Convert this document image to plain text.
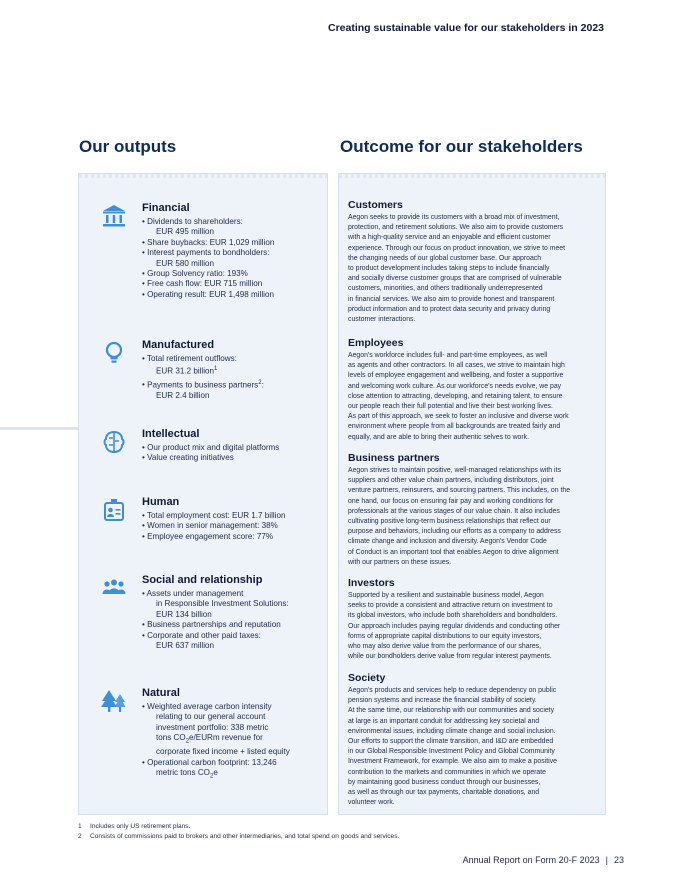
Creating sustainable value for our stakeholders in 2023
Our outputs	Outcome for our stakeholders
Financial
• Dividends to shareholders:
EUR 495 million
• Share buybacks: EUR 1,029 million
• Interest payments to bondholders:
EUR 580 million
• Group Solvency ratio: 193%
• Free cash flow: EUR 715 million
• Operating result: EUR 1,498 million
Manufactured
• Total retirement outflows:
EUR 31.2 billion$^1$
• Payments to business partners$^2$:
EUR 2.4 billion
Intellectual
• Our product mix and digital platforms
• Value creating initiatives
Human
• Total employment cost: EUR 1.7 billion
• Women in senior management: 38%
• Employee engagement score: 77%
Social and relationship
• Assets under management
in Responsible Investment Solutions:
EUR 134 billion
• Business partnerships and reputation
• Corporate and other paid taxes:
EUR 637 million
Natural
• Weighted average carbon intensity
relating to our general account
investment portfolio: 338 metric
tons $CO_2e$/EURm revenue for
corporate fixed income + listed equity
• Operational carbon footprint: 13,246
metric tons $CO_2e$
Customers

Aegon seeks to provide its customers with a broad mix of investment,
protection, and retirement solutions. We also aim to provide customers
with a high-quality service and an enjoyable and efficient customer
experience. Through our focus on product innovation, we strive to meet
the changing needs of our global customer base. Our approach
to product development includes taking steps to include financially
and socially diverse customer groups that are comprised of vulnerable
customers, minorities, and others traditionally underrepresented
in financial services. We also aim to provide honest and transparent
product information and to protect data security and privacy during
customer interactions.

Employees

Aegon's workforce includes full- and part-time employees, as well
as agents and other contractors. In all cases, we strive to maintain high
levels of employee engagement and wellbeing, and foster a supportive
and welcoming work culture. As our workforce's needs evolve, we pay
close attention to attracting, developing, and retaining talent, to ensure
our people reach their full potential and live their best working lives.
As part of this approach, we seek to foster an inclusive and diverse work
environment where people from all backgrounds are treated fairly and
equally, and are able to bring their authentic selves to work.

Business partners

Aegon strives to maintain positive, well-managed relationships with its
suppliers and other value chain partners, including distributors, joint
venture partners, reinsurers, and sourcing partners. This includes, on the
one hand, our focus on ensuring fair pay and working conditions for
professionals at the various stages of our value chain. It also includes
cultivating positive long-term business relationships that reflect our
purpose and behaviors, including our efforts as a company to address
climate change and inclusion and diversity. Aegon's Vendor Code
of Conduct is an important tool that enables Aegon to drive alignment
with our partners on these issues.

Investors

Supported by a resilient and sustainable business model, Aegon
seeks to provide a consistent and attractive return on investment to
its global investors, who include both shareholders and bondholders.
Our approach includes paying regular dividends and conducting other
forms of appropriate capital distributions to our equity investors,
who may also derive value from the performance of our shares,
while our bondholders derive value from regular interest payments.

Society

Aegon's products and services help to reduce dependency on public
pension systems and increase the financial stability of society.
At the same time, our relationship with our communities and society
at large is an important conduit for addressing key societal and
environmental issues, including climate change and social inclusion.
Our efforts to support the climate transition, and I&D are embedded
in our Global Responsible Investment Policy and Global Community
Investment Framework, for example. We also aim to make a positive
contribution to the markets and communities in which we operate
by maintaining good business conduct through our businesses,
as well as through our tax payments, charitable donations, and
volunteer work.

1 Includes only US retirement plans.
2 Consists of commissions paid to brokers and other intermediaries, and total spend on goods and services.
Annual Report on Form 20-F 2023 | 23
